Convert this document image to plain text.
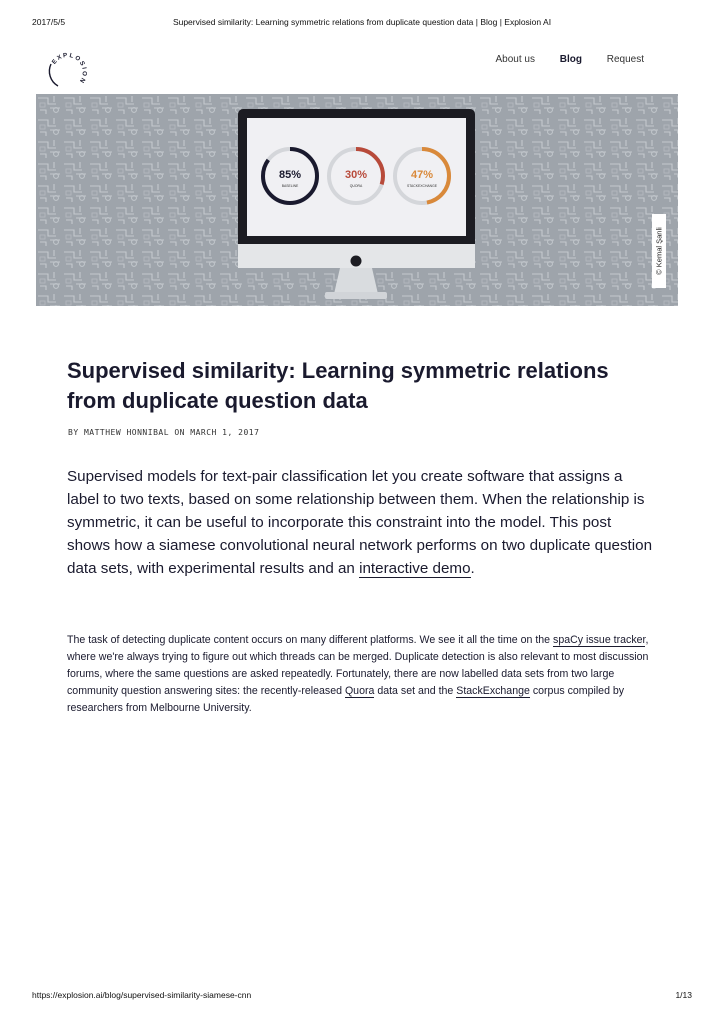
2017/5/5	Supervised similarity: Learning symmetric relations from duplicate question data | Blog | Explosion AI
EXPLOSION
About us Blog Request
85%
BASELINE
30%
QUORA
47%
STACKEXCHANGE
© Kemal Şanli
Supervised similarity: Learning symmetric relations from duplicate question data
BY MATTHEW HONNIBAL ON MARCH 1, 2017

Supervised models for text-pair classification let you create software that assigns a label to two texts, based on some relationship between them. When the relationship is symmetric, it can be useful to incorporate this constraint into the model. This post shows how a siamese convolutional neural network performs on two duplicate question data sets, with experimental results and an interactive demo.

The task of detecting duplicate content occurs on many different platforms. We see it all the time on the spaCy issue tracker, where we're always trying to figure out which threads can be merged. Duplicate detection is also relevant to most discussion forums, where the same questions are asked repeatedly. Fortunately, there are now labelled data sets from two large community question answering sites: the recently-released Quora data set and the StackExchange corpus compiled by researchers from Melbourne University.

https://explosion.ai/blog/supervised-similarity-siamese-cnn	1/13
